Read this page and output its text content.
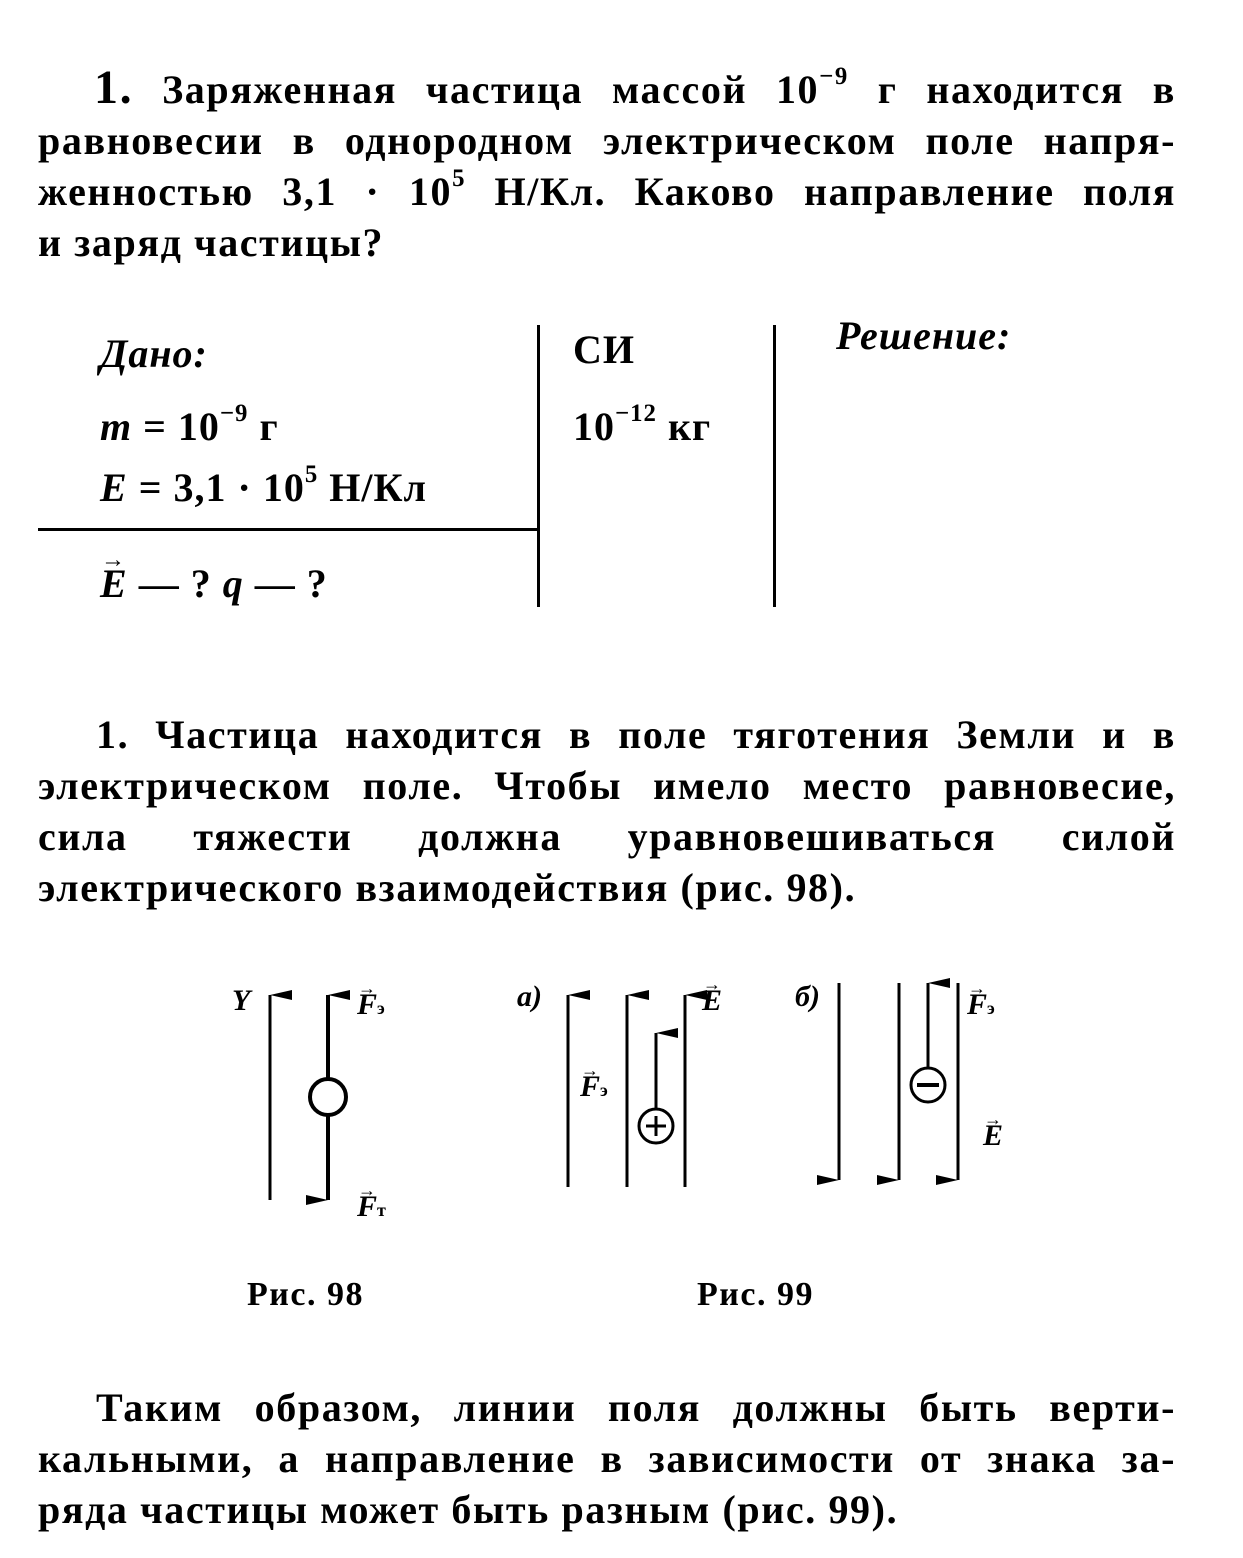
1. Заряженная частица массой $10^{-9}$ г находится в
равновесии в однородном электрическом поле напря-
женностью $3,1 \cdot 10^5$ Н/Кл. Каково направление поля
и заряд частицы?
Дано:
$m = 10^{-9}$ г
$E = 3,1 \cdot 10^5$ Н/Кл
→ E — ? q — ?
СИ
$10^{-12}$ кг
Решение:
1. Частица находится в поле тяготения Земли и в
электрическом поле. Чтобы имело место равновесие,
сила тяжести должна уравновешиваться силой
электрического взаимодействия (рис. 98).
Y	→ Fэ
→ Fт
а)	→ E
→ Fэ
б)	→ Fэ
→ E
Рис. 98	Рис. 99
Таким образом, линии поля должны быть верти-
кальными, а направление в зависимости от знака за-
ряда частицы может быть разным (рис. 99).
